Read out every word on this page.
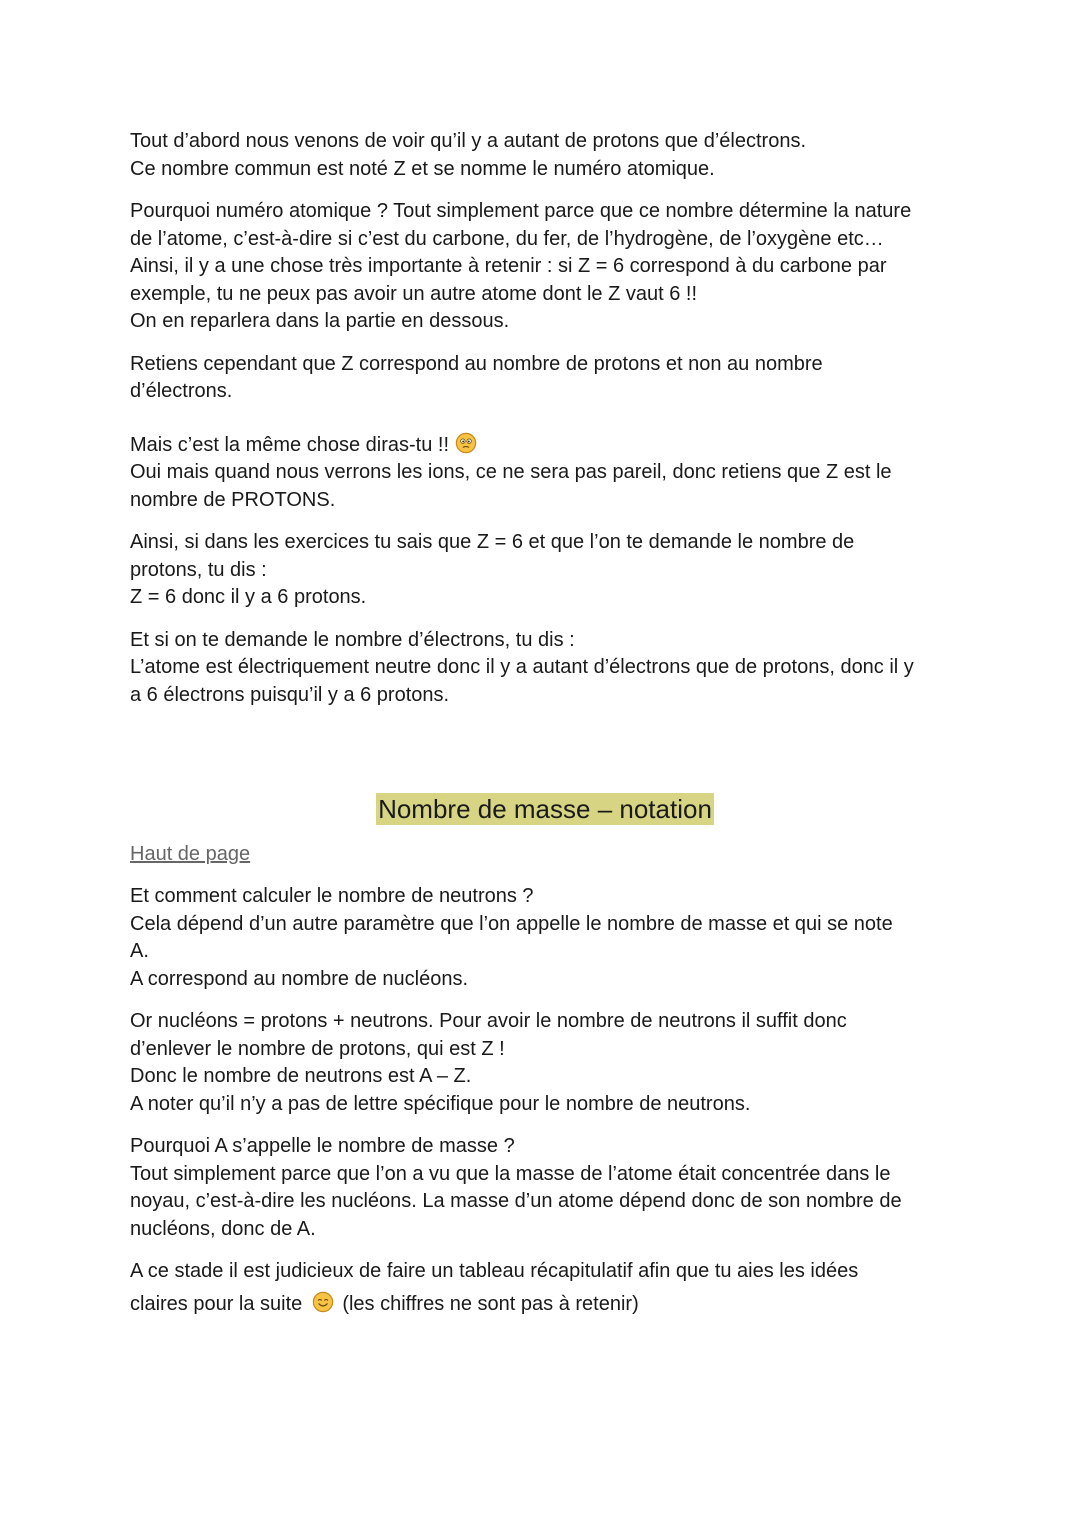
Tout d’abord nous venons de voir qu’il y a autant de protons que d’électrons.
Ce nombre commun est noté Z et se nomme le numéro atomique.

Pourquoi numéro atomique ? Tout simplement parce que ce nombre détermine la nature
de l’atome, c’est-à-dire si c’est du carbone, du fer, de l’hydrogène, de l’oxygène etc…
Ainsi, il y a une chose très importante à retenir : si Z = 6 correspond à du carbone par
exemple, tu ne peux pas avoir un autre atome dont le Z vaut 6 !!
On en reparlera dans la partie en dessous.

Retiens cependant que Z correspond au nombre de protons et non au nombre
d’électrons.

Mais c’est la même chose diras-tu !!
Oui mais quand nous verrons les ions, ce ne sera pas pareil, donc retiens que Z est le
nombre de PROTONS.

Ainsi, si dans les exercices tu sais que Z = 6 et que l’on te demande le nombre de
protons, tu dis :
Z = 6 donc il y a 6 protons.

Et si on te demande le nombre d’électrons, tu dis :
L’atome est électriquement neutre donc il y a autant d’électrons que de protons, donc il y
a 6 électrons puisqu’il y a 6 protons.

Nombre de masse – notation
Haut de page

Et comment calculer le nombre de neutrons ?
Cela dépend d’un autre paramètre que l’on appelle le nombre de masse et qui se note
A.
A correspond au nombre de nucléons.

Or nucléons = protons + neutrons. Pour avoir le nombre de neutrons il suffit donc
d’enlever le nombre de protons, qui est Z !
Donc le nombre de neutrons est A – Z.
A noter qu’il n’y a pas de lettre spécifique pour le nombre de neutrons.

Pourquoi A s’appelle le nombre de masse ?
Tout simplement parce que l’on a vu que la masse de l’atome était concentrée dans le
noyau, c’est-à-dire les nucléons. La masse d’un atome dépend donc de son nombre de
nucléons, donc de A.

A ce stade il est judicieux de faire un tableau récapitulatif afin que tu aies les idées
claires pour la suite (les chiffres ne sont pas à retenir)
